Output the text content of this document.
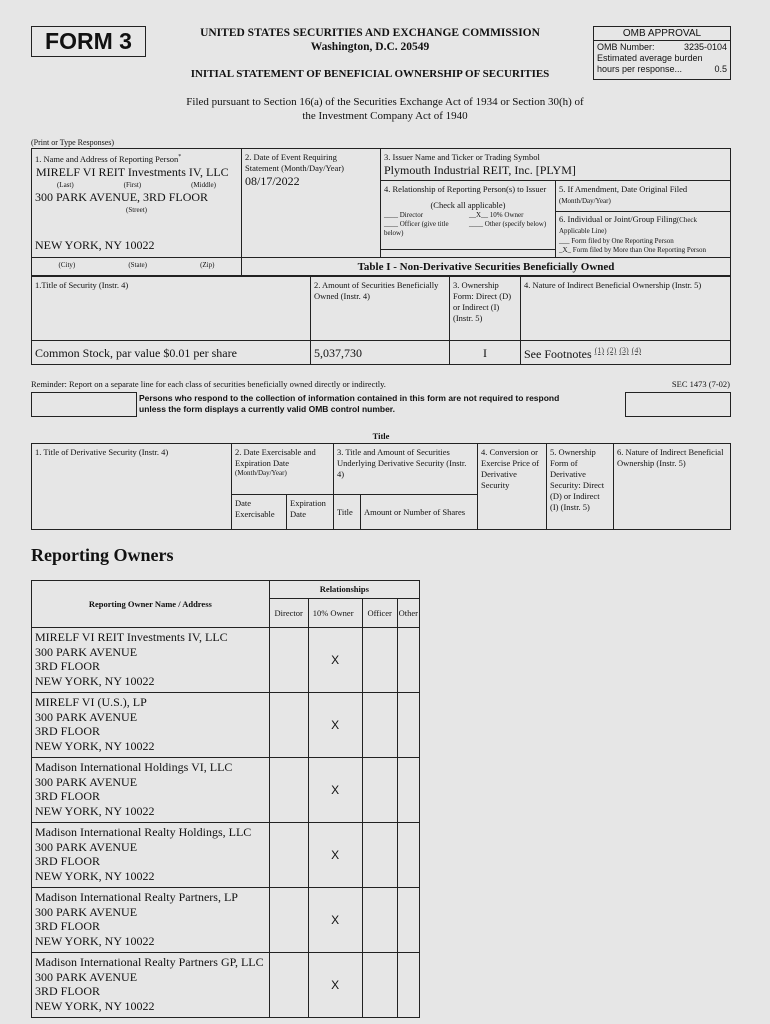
FORM 3	UNITED STATES SECURITIES AND EXCHANGE COMMISSION
Washington, D.C. 20549
INITIAL STATEMENT OF BENEFICIAL OWNERSHIP OF SECURITIES
OMB APPROVAL
OMB Number:	3235-0104
Estimated average burden
hours per response...	0.5
Filed pursuant to Section 16(a) of the Securities Exchange Act of 1934 or Section 30(h) of
the Investment Company Act of 1940
(Print or Type Responses)
1. Name and Address of Reporting Person*
MIRELF VI REIT Investments IV, LLC
(Last)	(First)	(Middle)
300 PARK AVENUE, 3RD FLOOR
(Street)
NEW YORK, NY 10022
(City)	(State)	(Zip)
2. Date of Event Requiring Statement (Month/Day/Year)
08/17/2022
3. Issuer Name and Ticker or Trading Symbol
Plymouth Industrial REIT, Inc. [PLYM]
4. Relationship of Reporting Person(s) to Issuer
(Check all applicable)
____ Director	__X__ 10% Owner
____ Officer (give title below)
____ Other (specify below)
5. If Amendment, Date Original Filed (Month/Day/Year)
6. Individual or Joint/Group Filing(Check Applicable Line)
___ Form filed by One Reporting Person
_X_ Form filed by More than One Reporting Person
Table I - Non-Derivative Securities Beneficially Owned
1.Title of Security (Instr. 4)	2. Amount of Securities Beneficially Owned (Instr. 4)	3. Ownership Form: Direct (D) or Indirect (I) (Instr. 5)	4. Nature of Indirect Beneficial Ownership (Instr. 5)
Common Stock, par value $0.01 per share	5,037,730	I	See Footnotes $^{(1)}$ $^{(2)}$ $^{(3)}$ $^{(4)}$
Reminder: Report on a separate line for each class of securities beneficially owned directly or indirectly.	SEC 1473 (7-02)
Persons who respond to the collection of information contained in this form are not required to respond
unless the form displays a currently valid OMB control number.
Title
1. Title of Derivative Security (Instr. 4)	2. Date Exercisable and Expiration Date
(Month/Day/Year)		3. Title and Amount of Securities Underlying Derivative Security (Instr. 4)		4. Conversion or Exercise Price of Derivative Security	5. Ownership Form of Derivative Security: Direct (D) or Indirect (I) (Instr. 5)	6. Nature of Indirect Beneficial Ownership (Instr. 5)
	Date Exercisable	Expiration Date	Title	Amount or Number of Shares			
Reporting Owners
Reporting Owner Name / Address	Relationships			
	Director	10% Owner	Officer	Other

MIRELF VI REIT Investments IV, LLC
300 PARK AVENUE
3RD FLOOR
NEW YORK, NY 10022		X		

MIRELF VI (U.S.), LP
300 PARK AVENUE
3RD FLOOR
NEW YORK, NY 10022		X		

Madison International Holdings VI, LLC
300 PARK AVENUE
3RD FLOOR
NEW YORK, NY 10022		X		

Madison International Realty Holdings, LLC
300 PARK AVENUE
3RD FLOOR
NEW YORK, NY 10022		X		

Madison International Realty Partners, LP
300 PARK AVENUE
3RD FLOOR
NEW YORK, NY 10022		X		

Madison International Realty Partners GP, LLC
300 PARK AVENUE
3RD FLOOR
NEW YORK, NY 10022		X		
